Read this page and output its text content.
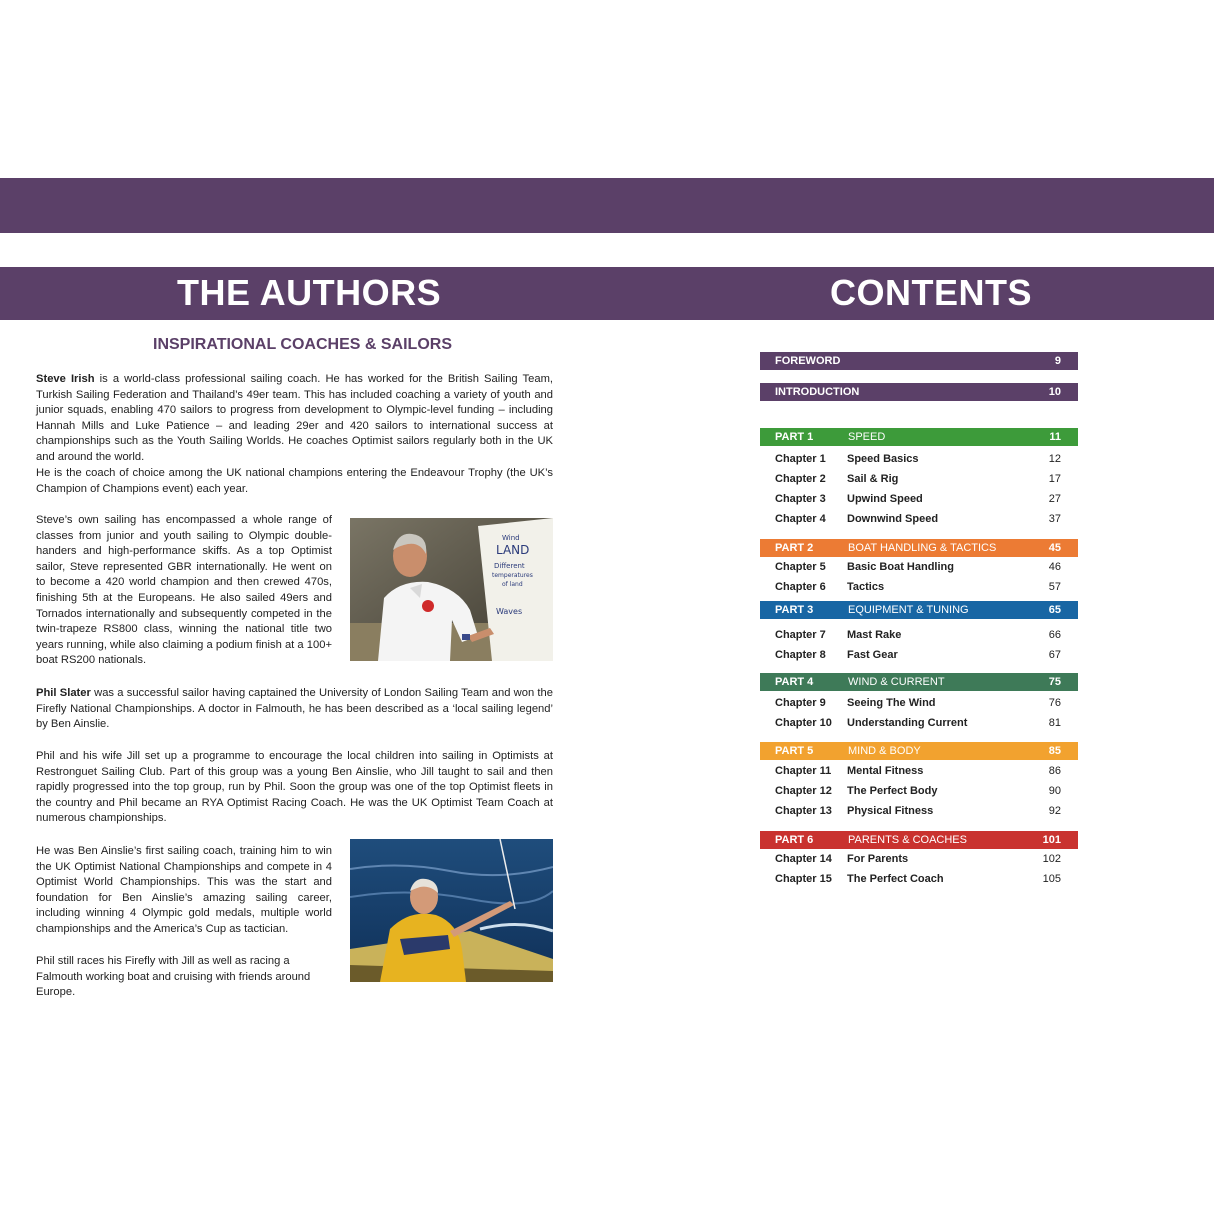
THE AUTHORS	CONTENTS
INSPIRATIONAL COACHES & SAILORS

Steve Irish is a world-class professional sailing coach. He has worked for the British Sailing Team, Turkish Sailing Federation and Thailand’s 49er team. This has included coaching a variety of youth and junior squads, enabling 470 sailors to progress from development to Olympic-level funding – including Hannah Mills and Luke Patience – and leading 29er and 420 sailors to international success at championships such as the Youth Sailing Worlds. He coaches Optimist sailors regularly both in the UK and around the world.

He is the coach of choice among the UK national champions entering the Endeavour Trophy (the UK’s Champion of Champions event) each year.

Steve’s own sailing has encompassed a whole range of classes from junior and youth sailing to Olympic double-handers and high-performance skiffs. As a top Optimist sailor, Steve represented GBR internationally. He went on to become a 420 world champion and then crewed 470s, finishing 5th at the Europeans. He also sailed 49ers and Tornados internationally and subsequently competed in the twin-trapeze RS800 class, winning the national title two years running, while also claiming a podium finish at a 100+ boat RS200 nationals.

Phil Slater was a successful sailor having captained the University of London Sailing Team and won the Firefly National Championships. A doctor in Falmouth, he has been described as a ‘local sailing legend’ by Ben Ainslie.

Phil and his wife Jill set up a programme to encourage the local children into sailing in Optimists at Restronguet Sailing Club. Part of this group was a young Ben Ainslie, who Jill taught to sail and then rapidly progressed into the top group, run by Phil. Soon the group was one of the top Optimist fleets in the country and Phil became an RYA Optimist Racing Coach. He was the UK Optimist Team Coach at numerous championships.

He was Ben Ainslie’s first sailing coach, training him to win the UK Optimist National Championships and compete in 4 Optimist World Championships. This was the start and foundation for Ben Ainslie’s amazing sailing career, including winning 4 Olympic gold medals, multiple world championships and the America’s Cup as tactician.

Phil still races his Firefly with Jill as well as racing a Falmouth working boat and cruising with friends around Europe.

Wind
LAND
Different
temperatures
of land
Waves
FOREWORD	9
INTRODUCTION	10
PART 1	SPEED	11
Chapter 1 Speed Basics	12
Chapter 2 Sail & Rig	17
Chapter 3 Upwind Speed	27
Chapter 4 Downwind Speed	37
PART 2	BOAT HANDLING & TACTICS	45
Chapter 5 Basic Boat Handling	46
Chapter 6 Tactics	57
PART 3	EQUIPMENT & TUNING	65
Chapter 7 Mast Rake	66
Chapter 8 Fast Gear	67
PART 4	WIND & CURRENT	75
Chapter 9 Seeing The Wind	76
Chapter 10 Understanding Current	81
PART 5	MIND & BODY	85
Chapter 11 Mental Fitness	86
Chapter 12 The Perfect Body	90
Chapter 13 Physical Fitness	92
PART 6	PARENTS & COACHES	101
Chapter 14 For Parents	102
Chapter 15 The Perfect Coach	105
